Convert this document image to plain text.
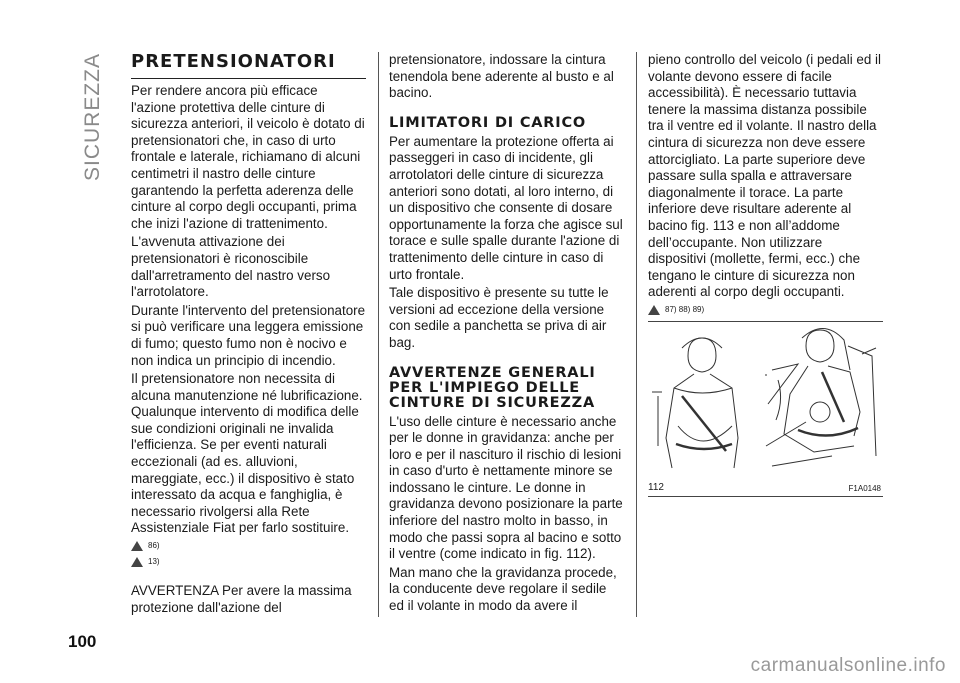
SICUREZZA PRETENSIONATORI

Per rendere ancora più efficace l'azione protettiva delle cinture di sicurezza anteriori, il veicolo è dotato di pretensionatori che, in caso di urto frontale e laterale, richiamano di alcuni centimetri il nastro delle cinture garantendo la perfetta aderenza delle cinture al corpo degli occupanti, prima che inizi l'azione di trattenimento.

L'avvenuta attivazione dei pretensionatori è riconoscibile dall'arretramento del nastro verso l'arrotolatore.

Durante l'intervento del pretensionatore si può verificare una leggera emissione di fumo; questo fumo non è nocivo e non indica un principio di incendio.

Il pretensionatore non necessita di alcuna manutenzione né lubrificazione. Qualunque intervento di modifica delle sue condizioni originali ne invalida l'efficienza. Se per eventi naturali eccezionali (ad es. alluvioni, mareggiate, ecc.) il dispositivo è stato interessato da acqua e fanghiglia, è necessario rivolgersi alla Rete Assistenziale Fiat per farlo sostituire.

86)
13)

AVVERTENZA Per avere la massima protezione dall'azione del

pretensionatore, indossare la cintura tenendola bene aderente al busto e al bacino.

LIMITATORI DI CARICO

Per aumentare la protezione offerta ai passeggeri in caso di incidente, gli arrotolatori delle cinture di sicurezza anteriori sono dotati, al loro interno, di un dispositivo che consente di dosare opportunamente la forza che agisce sul torace e sulle spalle durante l'azione di trattenimento delle cinture in caso di urto frontale.

Tale dispositivo è presente su tutte le versioni ad eccezione della versione con sedile a panchetta se priva di air bag.

AVVERTENZE GENERALI PER L'IMPIEGO DELLE CINTURE DI SICUREZZA

L'uso delle cinture è necessario anche per le donne in gravidanza: anche per loro e per il nascituro il rischio di lesioni in caso d'urto è nettamente minore se indossano le cinture. Le donne in gravidanza devono posizionare la parte inferiore del nastro molto in basso, in modo che passi sopra al bacino e sotto il ventre (come indicato in fig. 112).

Man mano che la gravidanza procede, la conducente deve regolare il sedile ed il volante in modo da avere il

pieno controllo del veicolo (i pedali ed il volante devono essere di facile accessibilità). È necessario tuttavia tenere la massima distanza possibile tra il ventre ed il volante. Il nastro della cintura di sicurezza non deve essere attorcigliato. La parte superiore deve passare sulla spalla e attraversare diagonalmente il torace. La parte inferiore deve risultare aderente al bacino fig. 113 e non all’addome dell’occupante. Non utilizzare dispositivi (mollette, fermi, ecc.) che tengano le cinture di sicurezza non aderenti al corpo degli occupanti.

87) 88) 89)
112	F1A0148
100
carmanualsonline.info
